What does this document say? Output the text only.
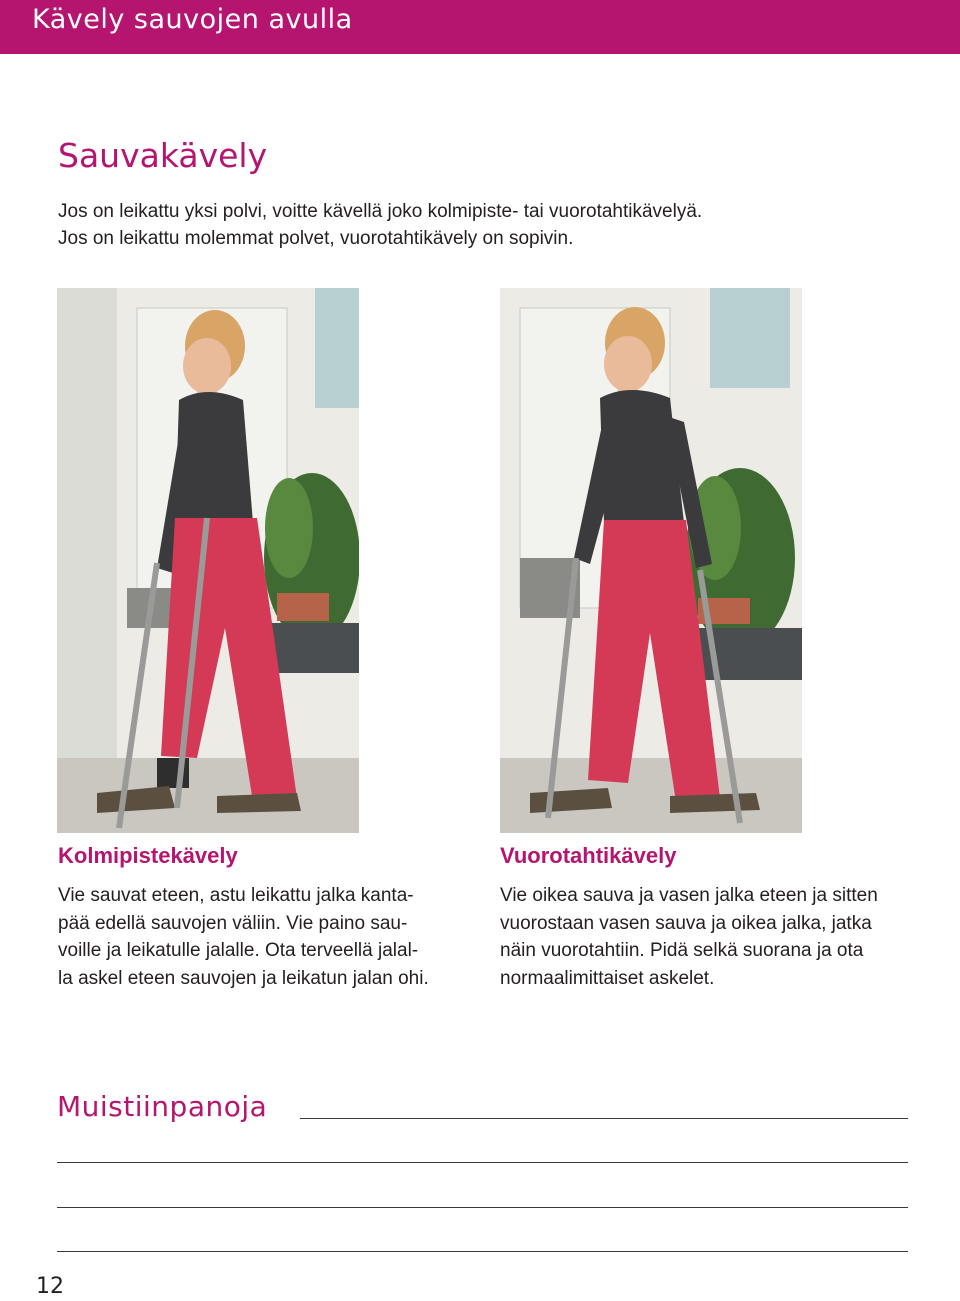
Kävely sauvojen avulla
Sauvakävely
Jos on leikattu yksi polvi, voitte kävellä joko kolmipiste- tai vuorotahtikävelyä.
Jos on leikattu molemmat polvet, vuorotahtikävely on sopivin.
Kolmipistekävely
Vie sauvat eteen, astu leikattu jalka kanta-
pää edellä sauvojen väliin. Vie paino sau-
voille ja leikatulle jalalle. Ota terveellä jalal-
la askel eteen sauvojen ja leikatun jalan ohi.
Vuorotahtikävely
Vie oikea sauva ja vasen jalka eteen ja sitten
vuorostaan vasen sauva ja oikea jalka, jatka
näin vuorotahtiin. Pidä selkä suorana ja ota
normaalimittaiset askelet.
Muistiinpanoja
12
